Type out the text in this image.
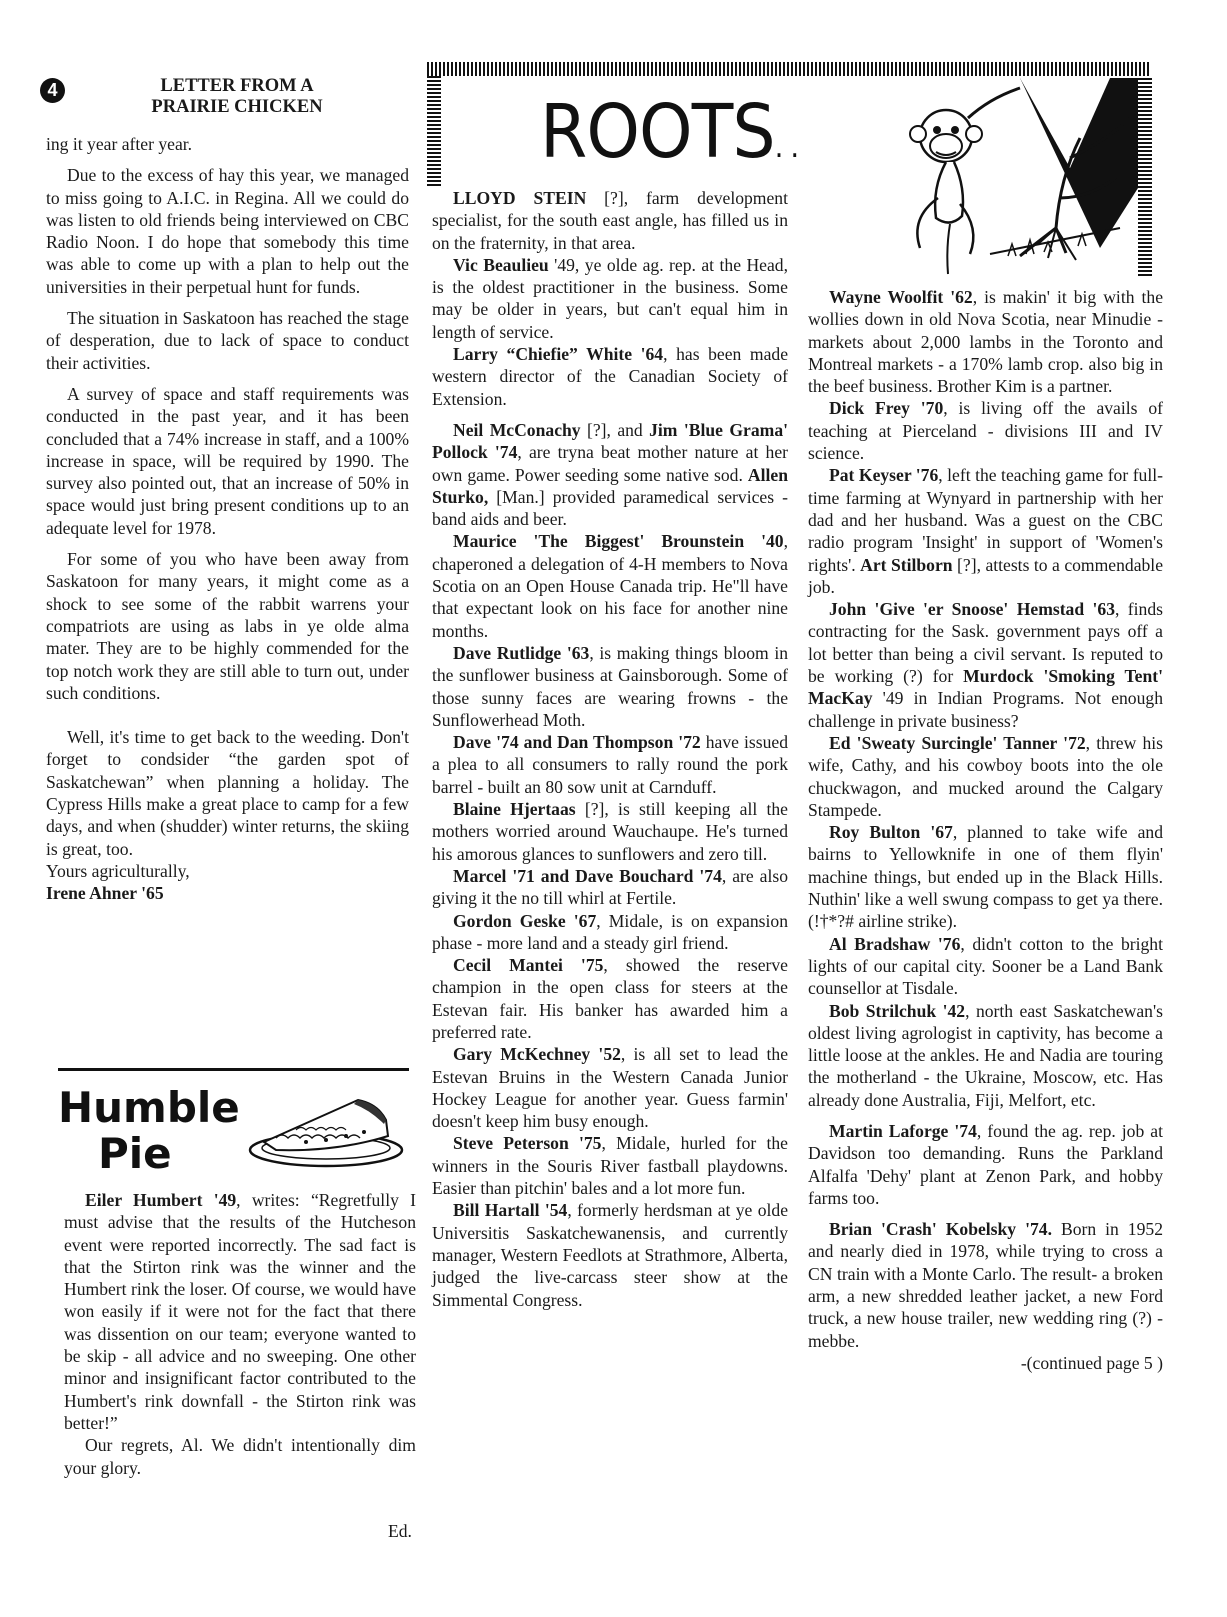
4	LETTER FROM A
PRAIRIE CHICKEN

ing it year after year.

Due to the excess of hay this year, we managed to miss going to A.I.C. in Regina. All we could do was listen to old friends being interviewed on CBC Radio Noon. I do hope that somebody this time was able to come up with a plan to help out the universities in their perpetual hunt for funds.

The situation in Saskatoon has reached the stage of desperation, due to lack of space to conduct their activities.

A survey of space and staff requirements was conducted in the past year, and it has been concluded that a 74% increase in staff, and a 100% increase in space, will be required by 1990. The survey also pointed out, that an increase of 50% in space would just bring present conditions up to an adequate level for 1978.

For some of you who have been away from Saskatoon for many years, it might come as a shock to see some of the rabbit warrens your compatriots are using as labs in ye olde alma mater. They are to be highly commended for the top notch work they are still able to turn out, under such conditions.

Well, it's time to get back to the weeding. Don't forget to condsider “the garden spot of Saskatchewan” when planning a holiday. The Cypress Hills make a great place to camp for a few days, and when (shudder) winter returns, the skiing is great, too.

Yours agriculturally,

Irene Ahner '65

Humble
Pie

Eiler Humbert '49, writes: “Regretfully I must advise that the results of the Hutcheson event were reported incorrectly. The sad fact is that the Stirton rink was the winner and the Humbert rink the loser. Of course, we would have won easily if it were not for the fact that there was dissention on our team; everyone wanted to be skip - all advice and no sweeping. One other minor and insignificant factor contributed to the Humbert's rink downfall - the Stirton rink was better!”

Our regrets, Al. We didn't intentionally dim your glory.

Ed.
ROOTS. .

LLOYD STEIN [?], farm development specialist, for the south east angle, has filled us in on the fraternity, in that area.

Vic Beaulieu '49, ye olde ag. rep. at the Head, is the oldest practitioner in the business. Some may be older in years, but can't equal him in length of service.

Larry “Chiefie” White '64, has been made western director of the Canadian Society of Extension.

Neil McConachy [?], and Jim 'Blue Grama' Pollock '74, are tryna beat mother nature at her own game. Power seeding some native sod. Allen Sturko, [Man.] provided paramedical services - band aids and beer.

Maurice 'The Biggest' Brounstein '40, chaperoned a delegation of 4-H members to Nova Scotia on an Open House Canada trip. He"ll have that expectant look on his face for another nine months.

Dave Rutlidge '63, is making things bloom in the sunflower business at Gainsborough. Some of those sunny faces are wearing frowns - the Sunflowerhead Moth.

Dave '74 and Dan Thompson '72 have issued a plea to all consumers to rally round the pork barrel - built an 80 sow unit at Carnduff.

Blaine Hjertaas [?], is still keeping all the mothers worried around Wauchaupe. He's turned his amorous glances to sunflowers and zero till.

Marcel '71 and Dave Bouchard '74, are also giving it the no till whirl at Fertile.

Gordon Geske '67, Midale, is on expansion phase - more land and a steady girl friend.

Cecil Mantei '75, showed the reserve champion in the open class for steers at the Estevan fair. His banker has awarded him a preferred rate.

Gary McKechney '52, is all set to lead the Estevan Bruins in the Western Canada Junior Hockey League for another year. Guess farmin' doesn't keep him busy enough.

Steve Peterson '75, Midale, hurled for the winners in the Souris River fastball playdowns. Easier than pitchin' bales and a lot more fun.

Bill Hartall '54, formerly herdsman at ye olde Universitis Saskatchewanensis, and currently manager, Western Feedlots at Strathmore, Alberta, judged the live-carcass steer show at the Simmental Congress.

Wayne Woolfit '62, is makin' it big with the wollies down in old Nova Scotia, near Minudie - markets about 2,000 lambs in the Toronto and Montreal markets - a 170% lamb crop. also big in the beef business. Brother Kim is a partner.

Dick Frey '70, is living off the avails of teaching at Pierceland - divisions III and IV science.

Pat Keyser '76, left the teaching game for full-time farming at Wynyard in partnership with her dad and her husband. Was a guest on the CBC radio program 'Insight' in support of 'Women's rights'. Art Stilborn [?], attests to a commendable job.

John 'Give 'er Snoose' Hemstad '63, finds contracting for the Sask. government pays off a lot better than being a civil servant. Is reputed to be working (?) for Murdock 'Smoking Tent' MacKay '49 in Indian Programs. Not enough challenge in private business?

Ed 'Sweaty Surcingle' Tanner '72, threw his wife, Cathy, and his cowboy boots into the ole chuckwagon, and mucked around the Calgary Stampede.

Roy Bulton '67, planned to take wife and bairns to Yellowknife in one of them flyin' machine things, but ended up in the Black Hills. Nuthin' like a well swung compass to get ya there. (!†*?# airline strike).

Al Bradshaw '76, didn't cotton to the bright lights of our capital city. Sooner be a Land Bank counsellor at Tisdale.

Bob Strilchuk '42, north east Saskatchewan's oldest living agrologist in captivity, has become a little loose at the ankles. He and Nadia are touring the motherland - the Ukraine, Moscow, etc. Has already done Australia, Fiji, Melfort, etc.

Martin Laforge '74, found the ag. rep. job at Davidson too demanding. Runs the Parkland Alfalfa 'Dehy' plant at Zenon Park, and hobby farms too.

Brian 'Crash' Kobelsky '74. Born in 1952 and nearly died in 1978, while trying to cross a CN train with a Monte Carlo. The result- a broken arm, a new shredded leather jacket, a new Ford truck, a new house trailer, new wedding ring (?) - mebbe.

-(continued page 5 )
